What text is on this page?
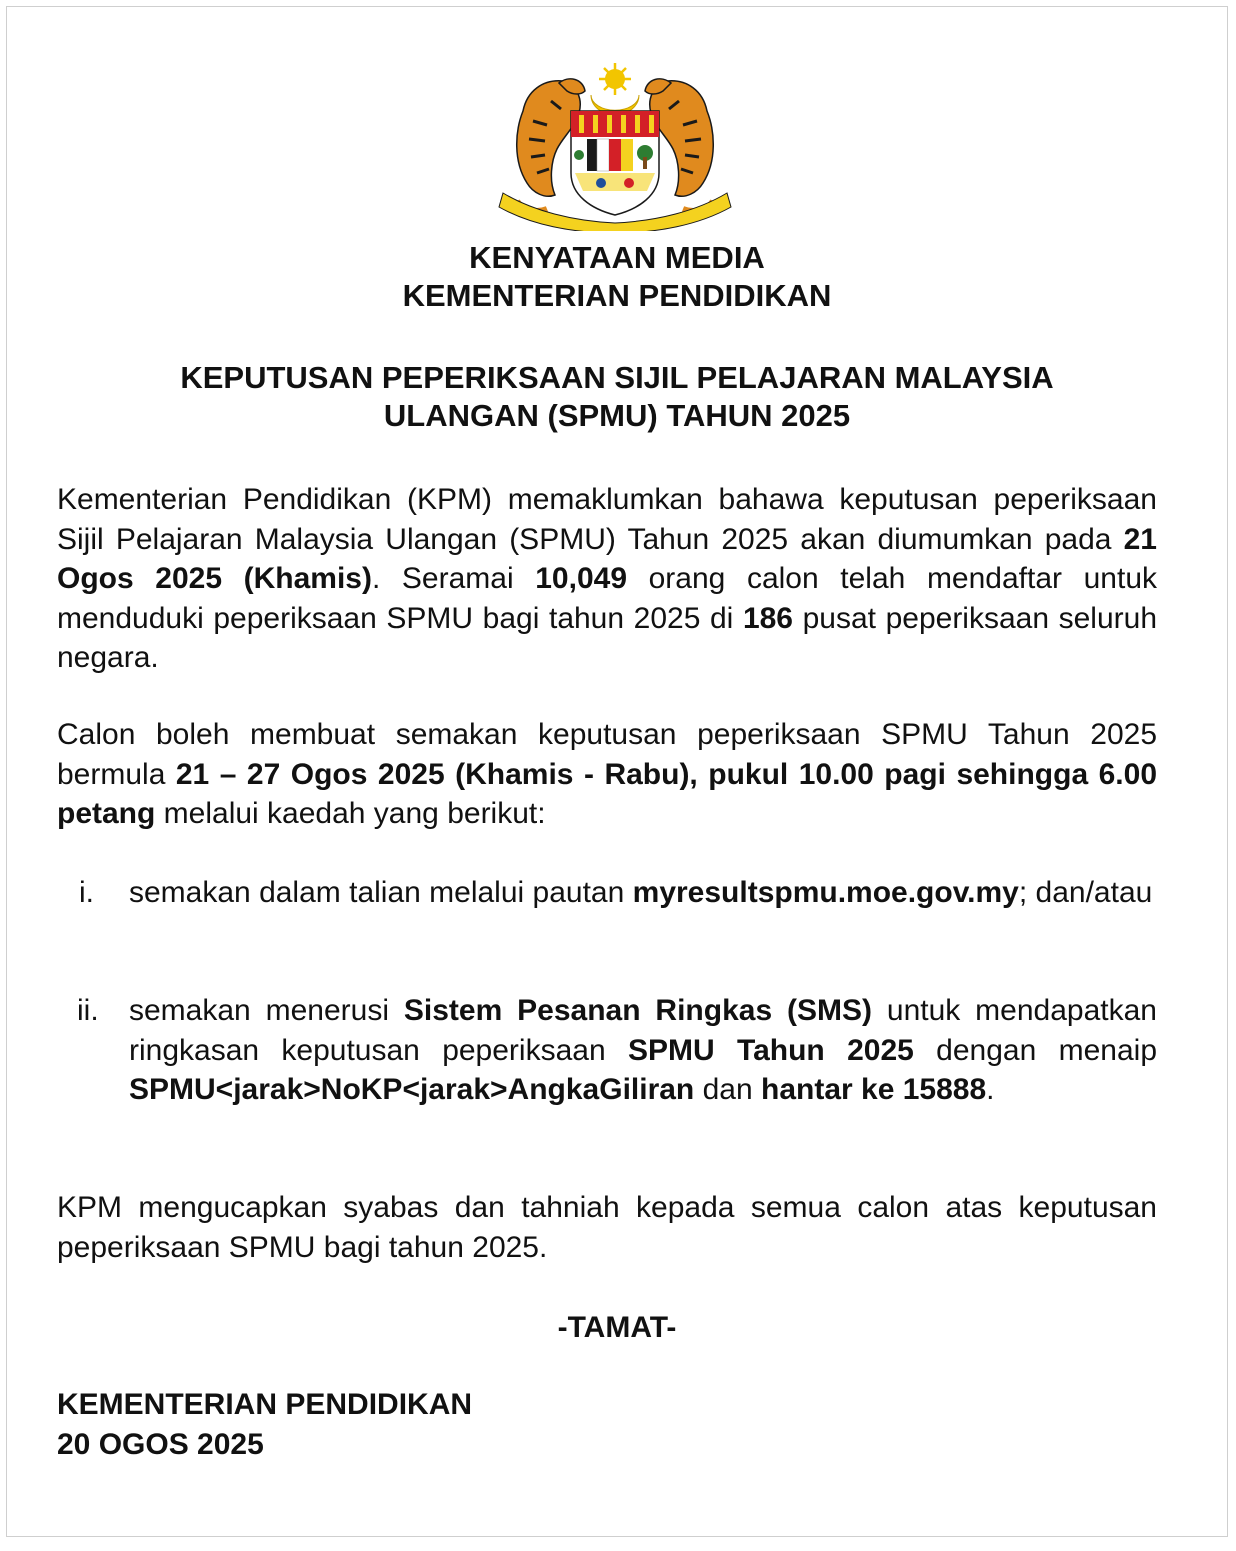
KENYATAAN MEDIA
KEMENTERIAN PENDIDIKAN
KEPUTUSAN PEPERIKSAAN SIJIL PELAJARAN MALAYSIA
ULANGAN (SPMU) TAHUN 2025

Kementerian Pendidikan (KPM) memaklumkan bahawa keputusan peperiksaan Sijil Pelajaran Malaysia Ulangan (SPMU) Tahun 2025 akan diumumkan pada 21 Ogos 2025 (Khamis). Seramai 10,049 orang calon telah mendaftar untuk menduduki peperiksaan SPMU bagi tahun 2025 di 186 pusat peperiksaan seluruh negara.

Calon boleh membuat semakan keputusan peperiksaan SPMU Tahun 2025 bermula 21 – 27 Ogos 2025 (Khamis - Rabu), pukul 10.00 pagi sehingga 6.00 petang melalui kaedah yang berikut:

i.	semakan dalam talian melalui pautan myresultspmu.moe.gov.my; dan/atau
ii.	semakan menerusi Sistem Pesanan Ringkas (SMS) untuk mendapatkan ringkasan keputusan peperiksaan SPMU Tahun 2025 dengan menaip SPMU<jarak>NoKP<jarak>AngkaGiliran dan hantar ke 15888.

KPM mengucapkan syabas dan tahniah kepada semua calon atas keputusan peperiksaan SPMU bagi tahun 2025.

-TAMAT-
KEMENTERIAN PENDIDIKAN
20 OGOS 2025
